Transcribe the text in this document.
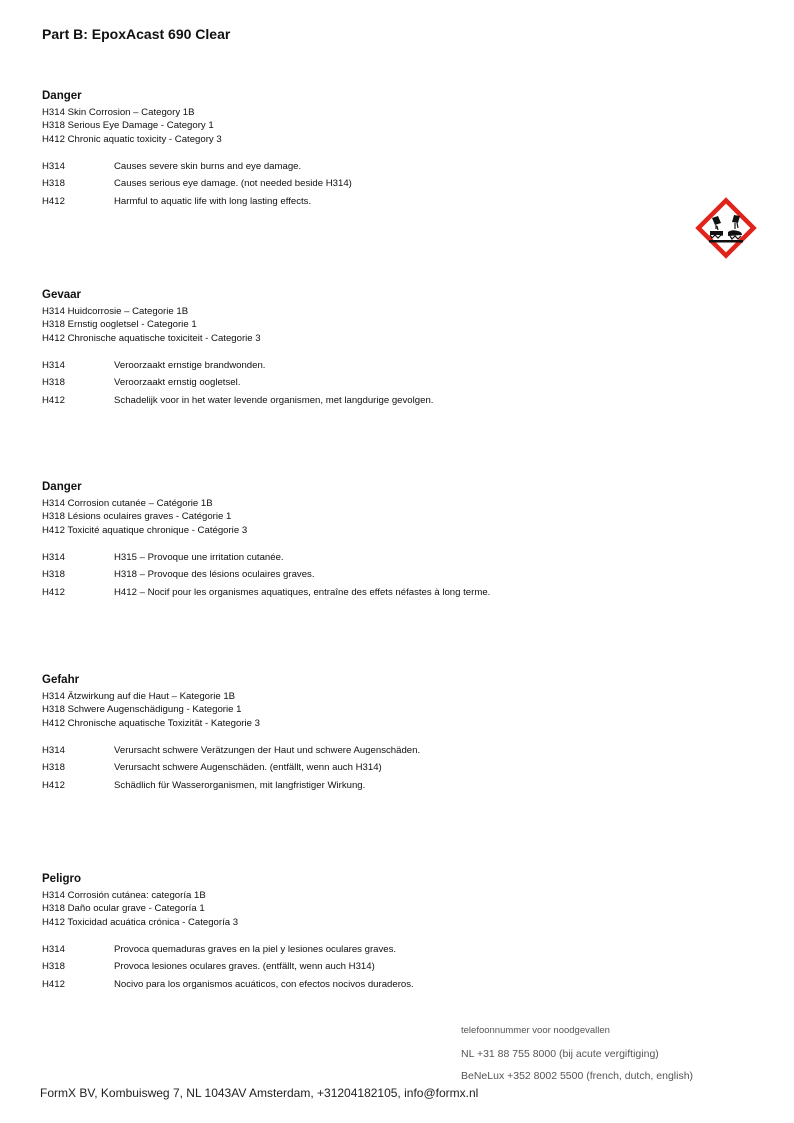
Part B: EpoxAcast 690 Clear
Danger
H314 Skin Corrosion – Category 1B
H318 Serious Eye Damage - Category 1
H412 Chronic aquatic toxicity - Category 3
H314	Causes severe skin burns and eye damage.
H318	Causes serious eye damage. (not needed beside H314)
H412	Harmful to aquatic life with long lasting effects.
Gevaar
H314 Huidcorrosie – Categorie 1B
H318 Ernstig oogletsel - Categorie 1
H412 Chronische aquatische toxiciteit - Categorie 3
H314	Veroorzaakt ernstige brandwonden.
H318	Veroorzaakt ernstig oogletsel.
H412	Schadelijk voor in het water levende organismen, met langdurige gevolgen.
Danger
H314 Corrosion cutanée – Catégorie 1B
H318 Lésions oculaires graves - Catégorie 1
H412 Toxicité aquatique chronique - Catégorie 3
H314	H315 – Provoque une irritation cutanée.
H318	H318 – Provoque des lésions oculaires graves.
H412	H412 – Nocif pour les organismes aquatiques, entraîne des effets néfastes à long terme.
Gefahr
H314 Ätzwirkung auf die Haut – Kategorie 1B
H318 Schwere Augenschädigung - Kategorie 1
H412 Chronische aquatische Toxizität - Kategorie 3
H314	Verursacht schwere Verätzungen der Haut und schwere Augenschäden.
H318	Verursacht schwere Augenschäden. (entfällt, wenn auch H314)
H412	Schädlich für Wasserorganismen, mit langfristiger Wirkung.
Peligro
H314 Corrosión cutánea: categoría 1B
H318 Daño ocular grave - Categoría 1
H412 Toxicidad acuática crónica - Categoría 3
H314	Provoca quemaduras graves en la piel y lesiones oculares graves.
H318	Provoca lesiones oculares graves. (entfällt, wenn auch H314)
H412	Nocivo para los organismos acuáticos, con efectos nocivos duraderos.
telefoonnummer voor noodgevallen
NL +31 88 755 8000 (bij acute vergiftiging)
BeNeLux +352 8002 5500 (french, dutch, english)
FormX BV, Kombuisweg 7, NL 1043AV Amsterdam, +31204182105, info@formx.nl
